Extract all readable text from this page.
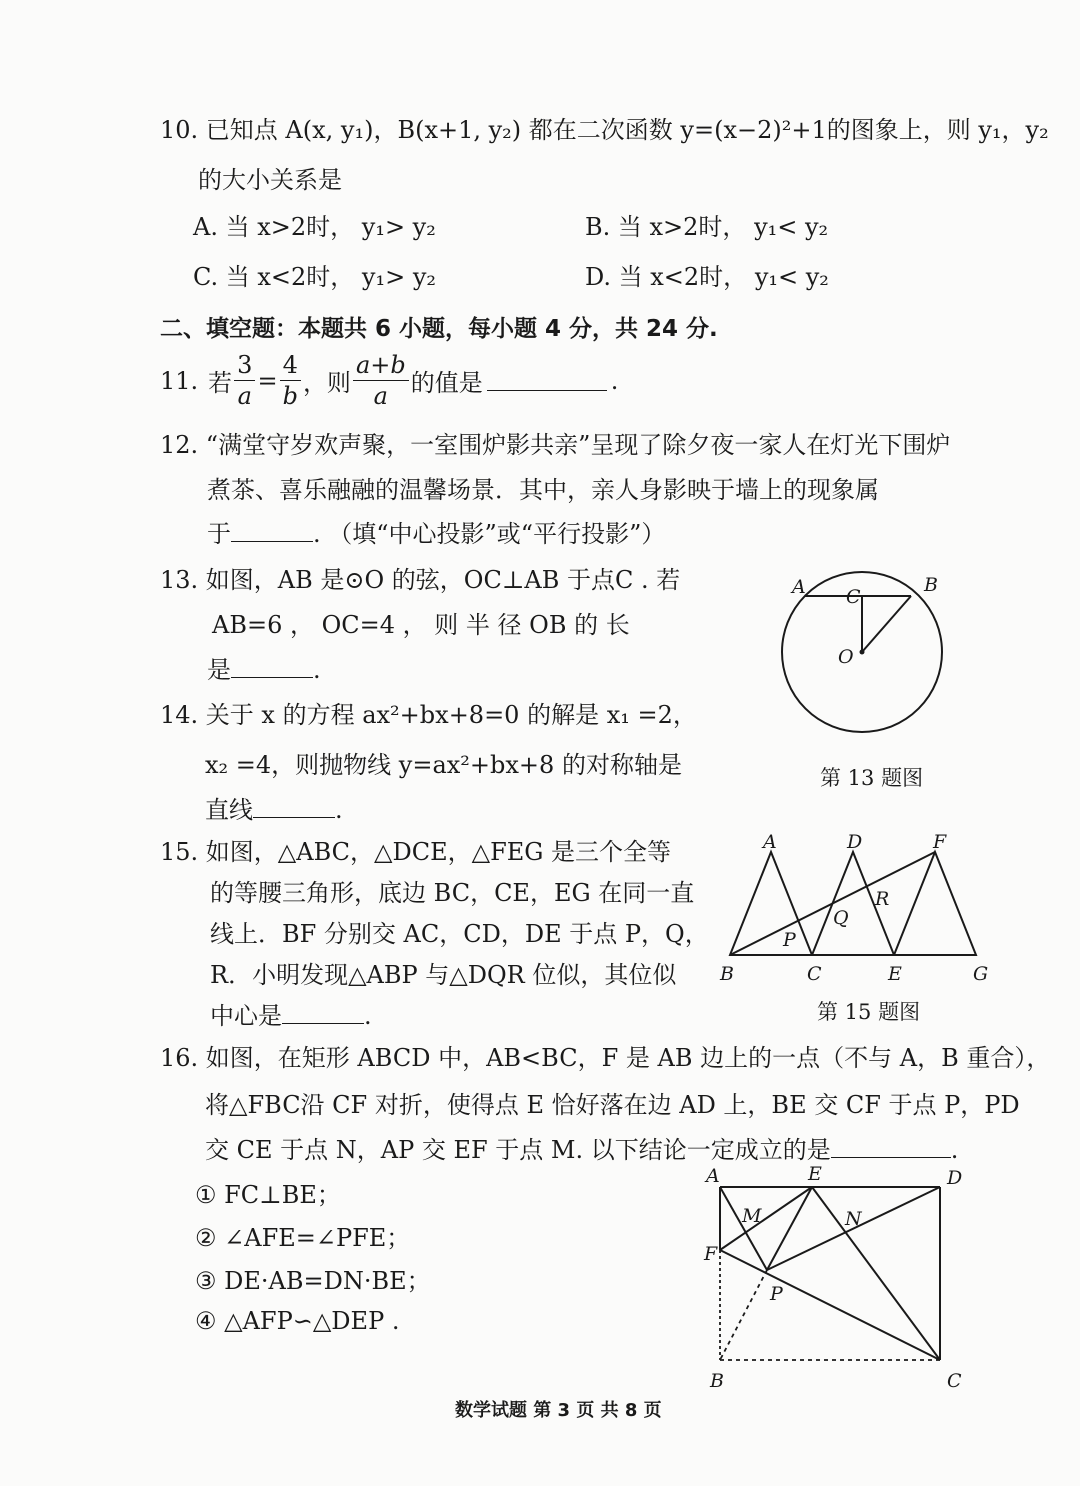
10. 已知点 A(x, y₁)，B(x+1, y₂) 都在二次函数 y=(x−2)²+1的图象上，则 y₁，y₂
的大小关系是
A. 当 x>2时， y₁> y₂	B. 当 x>2时， y₁< y₂
C. 当 x<2时， y₁> y₂	D. 当 x<2时， y₁< y₂
二、填空题：本题共 6 小题，每小题 4 分，共 24 分.
11. 若 $\frac{3}{a} = \frac{4}{b}$ ，则 $\frac{a+b}{a}$ 的值是	.
12. “满堂守岁欢声聚，一室围炉影共亲”呈现了除夕夜一家人在灯光下围炉
煮茶、喜乐融融的温馨场景．其中，亲人身影映于墙上的现象属
于	. （填“中心投影”或“平行投影”）
13. 如图，AB 是⊙O 的弦，OC⊥AB 于点C . 若
AB=6 ， OC=4 ， 则 半 径 OB 的 长
是	.
A	B
C
O
第 13 题图
14. 关于 x 的方程 ax²+bx+8=0 的解是 x₁ =2，
x₂ =4，则抛物线 y=ax²+bx+8 的对称轴是
直线	.
15. 如图，△ABC，△DCE，△FEG 是三个全等
的等腰三角形，底边 BC，CE，EG 在同一直
线上．BF 分别交 AC，CD，DE 于点 P，Q，
R．小明发现△ABP 与△DQR 位似，其位似
中心是	.
A	D	F
R
Q
P
B	C	E	G
第 15 题图
16. 如图，在矩形 ABCD 中，AB<BC，F 是 AB 边上的一点（不与 A，B 重合），
将△FBC沿 CF 对折，使得点 E 恰好落在边 AD 上，BE 交 CF 于点 P，PD
交 CE 于点 N，AP 交 EF 于点 M. 以下结论一定成立的是	.
① FC⊥BE；
② ∠AFE=∠PFE；
③ DE·AB=DN·BE；
④ △AFP∽△DEP .
A	E	D
M	N
F
P
B	C
数学试题 第 3 页 共 8 页
